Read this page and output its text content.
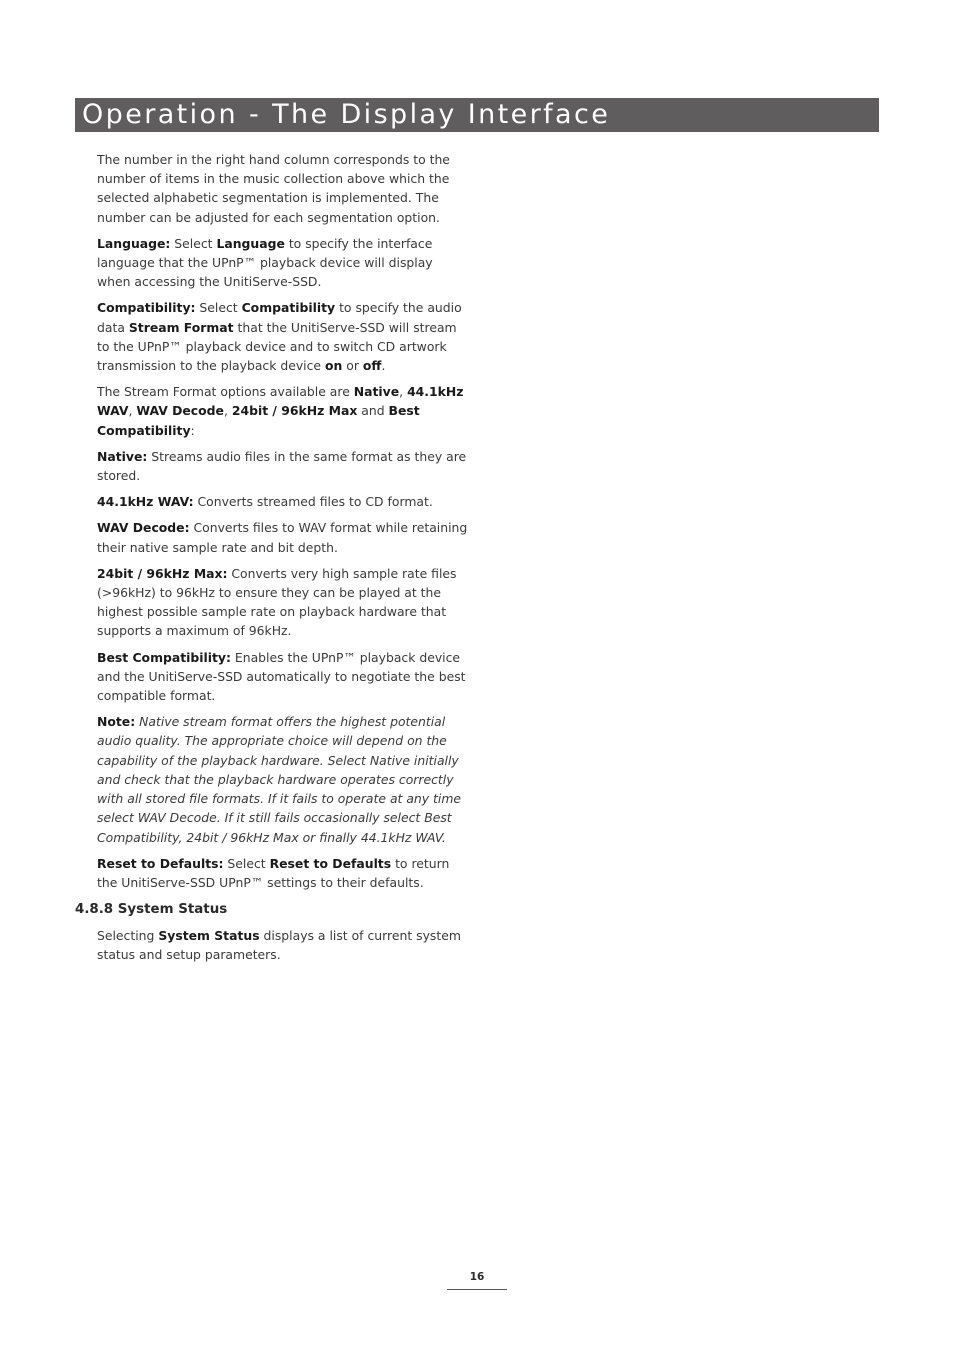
Operation - The Display Interface

The number in the right hand column corresponds to the number of items in the music collection above which the selected alphabetic segmentation is implemented. The number can be adjusted for each segmentation option.

Language: Select Language to specify the interface language that the UPnP™ playback device will display when accessing the UnitiServe-SSD.

Compatibility: Select Compatibility to specify the audio data Stream Format that the UnitiServe-SSD will stream to the UPnP™ playback device and to switch CD artwork transmission to the playback device on or off.

The Stream Format options available are Native, 44.1kHz WAV, WAV Decode, 24bit / 96kHz Max and Best Compatibility:

Native: Streams audio files in the same format as they are stored.

44.1kHz WAV: Converts streamed files to CD format.

WAV Decode: Converts files to WAV format while retaining their native sample rate and bit depth.

24bit / 96kHz Max: Converts very high sample rate files (>96kHz) to 96kHz to ensure they can be played at the highest possible sample rate on playback hardware that supports a maximum of 96kHz.

Best Compatibility: Enables the UPnP™ playback device and the UnitiServe-SSD automatically to negotiate the best compatible format.

Note: Native stream format offers the highest potential audio quality. The appropriate choice will depend on the capability of the playback hardware. Select Native initially and check that the playback hardware operates correctly with all stored file formats. If it fails to operate at any time select WAV Decode. If it still fails occasionally select Best Compatibility, 24bit / 96kHz Max or finally 44.1kHz WAV.

Reset to Defaults: Select Reset to Defaults to return the UnitiServe-SSD UPnP™ settings to their defaults.

4.8.8 System Status

Selecting System Status displays a list of current system status and setup parameters.

16
